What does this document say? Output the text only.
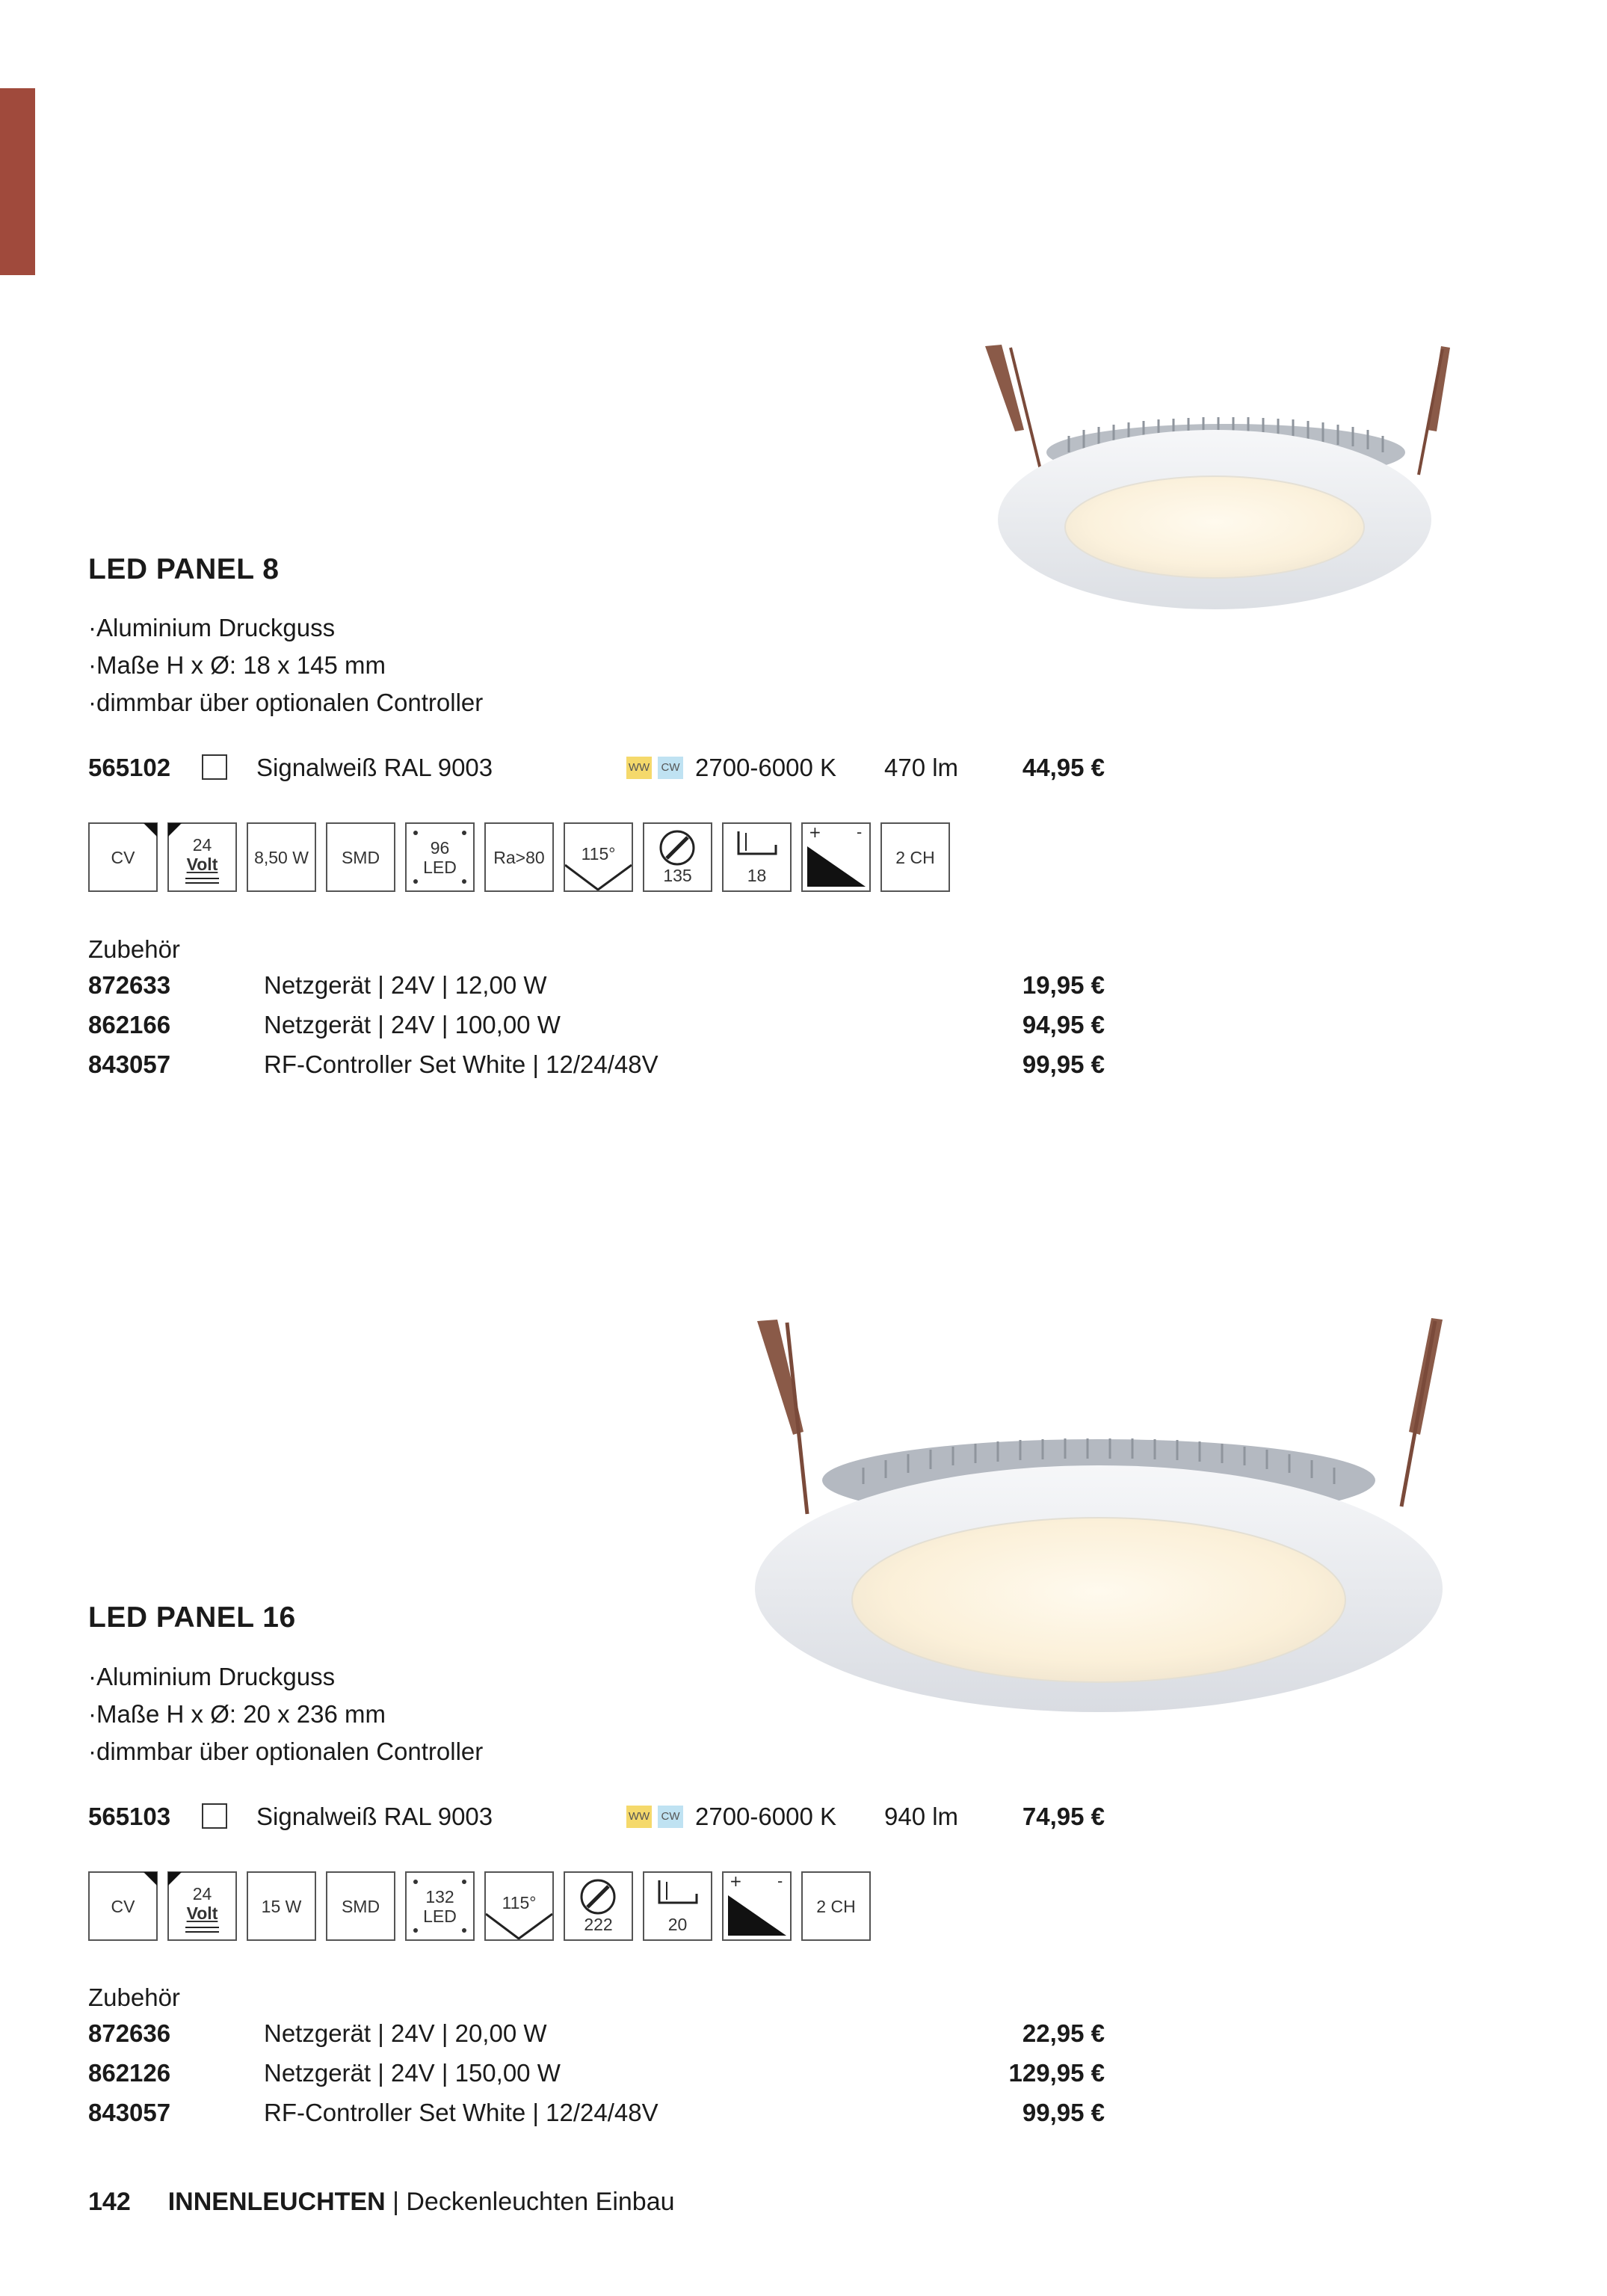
LED PANEL 8
· Aluminium Druckguss
· Maße H x Ø: 18 x 145 mm
· dimmbar über optionalen Controller
565102	Signalweiß RAL 9003	WW	CW 2700-6000 K 470 lm	44,95 €
CV
24
Volt	8,50 W	SMD	96
LED	Ra>80	115°
135	18
+ -
2 CH
Zubehör
872633	Netzgerät | 24V | 12,00 W	19,95 €
862166	Netzgerät | 24V | 100,00 W	94,95 €
843057	RF-Controller Set White | 12/24/48V	99,95 €
LED PANEL 16
· Aluminium Druckguss
· Maße H x Ø: 20 x 236 mm
· dimmbar über optionalen Controller
565103	Signalweiß RAL 9003	WW	CW 2700-6000 K 940 lm	74,95 €
CV
24
Volt	15 W	SMD	132
LED
115°
222	20
+ -
2 CH
Zubehör
872636	Netzgerät | 24V | 20,00 W	22,95 €
862126	Netzgerät | 24V | 150,00 W	129,95 €
843057	RF-Controller Set White | 12/24/48V	99,95 €
142 INNENLEUCHTEN | Deckenleuchten Einbau
